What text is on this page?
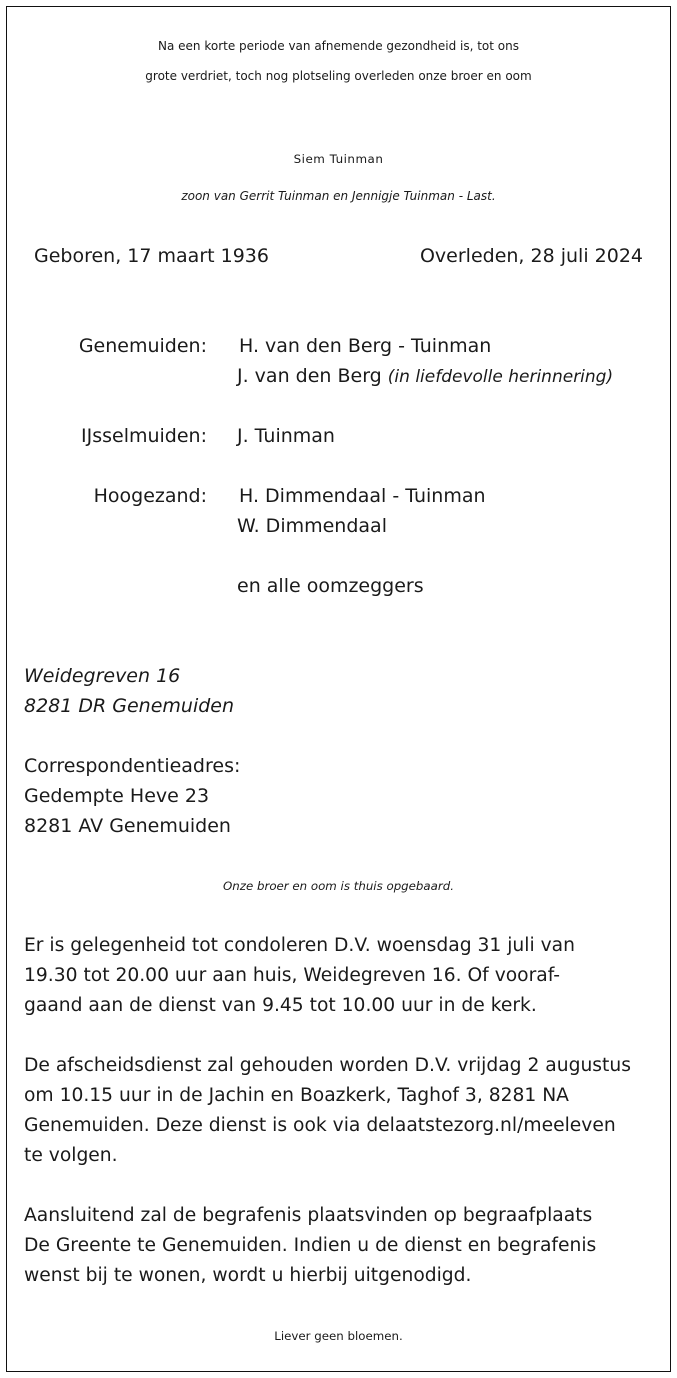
Na een korte periode van afnemende gezondheid is, tot ons
grote verdriet, toch nog plotseling overleden onze broer en oom
Siem Tuinman
zoon van Gerrit Tuinman en Jennigje Tuinman - Last.
Geboren, 17 maart 1936	Overleden, 28 juli 2024
Genemuiden: H. van den Berg - Tuinman
J. van den Berg (in liefdevolle herinnering)
IJsselmuiden: J. Tuinman
Hoogezand: H. Dimmendaal - Tuinman
W. Dimmendaal
en alle oomzeggers
Weidegreven 16
8281 DR Genemuiden
Correspondentieadres:
Gedempte Heve 23
8281 AV Genemuiden
Onze broer en oom is thuis opgebaard.
Er is gelegenheid tot condoleren D.V. woensdag 31 juli van
19.30 tot 20.00 uur aan huis, Weidegreven 16. Of vooraf-
gaand aan de dienst van 9.45 tot 10.00 uur in de kerk.
De afscheidsdienst zal gehouden worden D.V. vrijdag 2 augustus
om 10.15 uur in de Jachin en Boazkerk, Taghof 3, 8281 NA
Genemuiden. Deze dienst is ook via delaatstezorg.nl/meeleven
te volgen.
Aansluitend zal de begrafenis plaatsvinden op begraafplaats
De Greente te Genemuiden. Indien u de dienst en begrafenis
wenst bij te wonen, wordt u hierbij uitgenodigd.
Liever geen bloemen.
